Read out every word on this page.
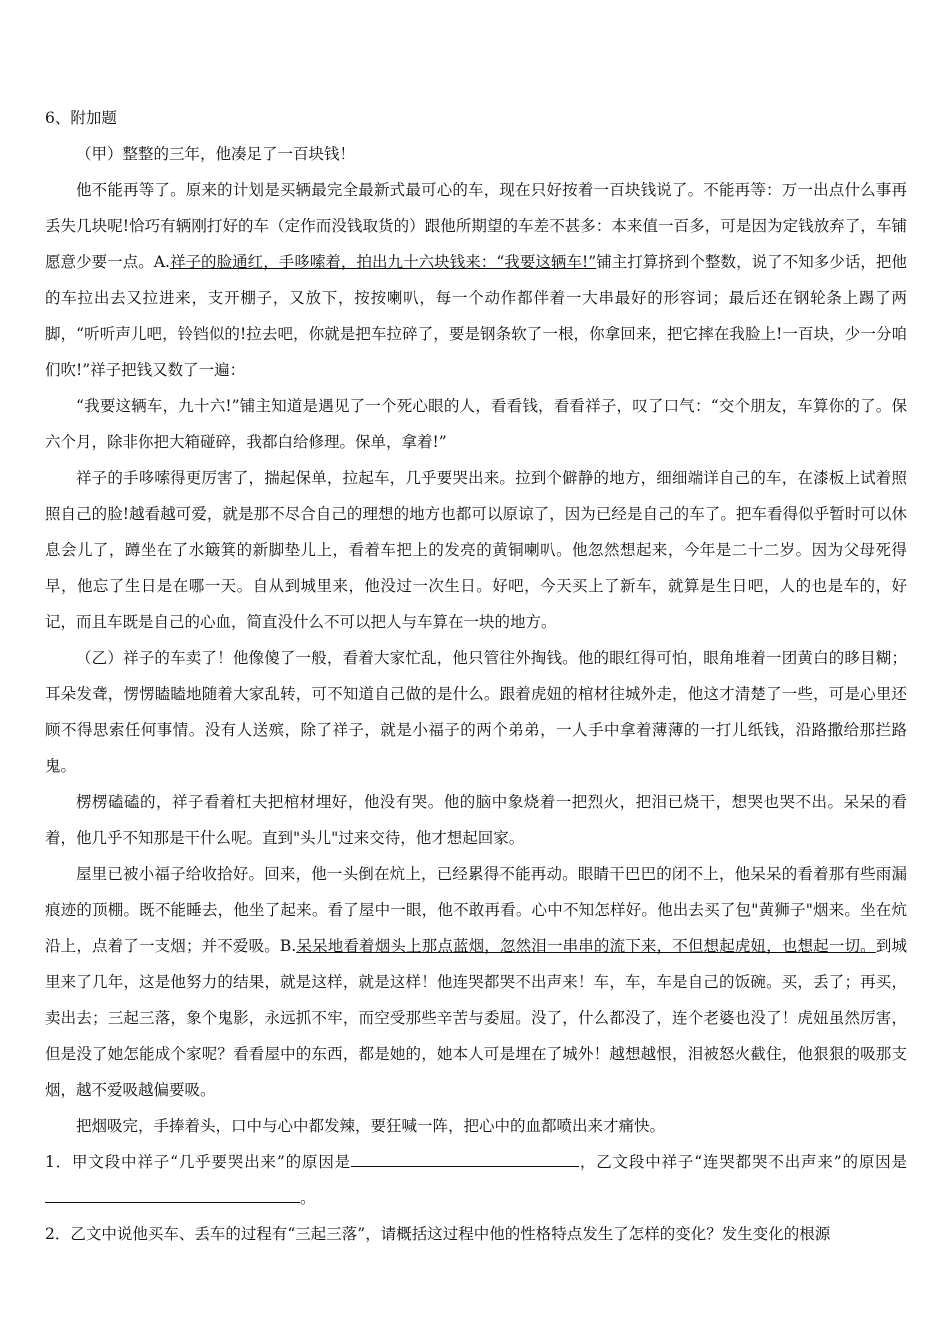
6、附加题

（甲）整整的三年，他凑足了一百块钱！

他不能再等了。原来的计划是买辆最完全最新式最可心的车，现在只好按着一百块钱说了。不能再等：万一出点什么事再丢失几块呢!恰巧有辆刚打好的车（定作而没钱取货的）跟他所期望的车差不甚多：本来值一百多，可是因为定钱放弃了，车铺愿意少要一点。A.祥子的脸通红，手哆嗦着，拍出九十六块钱来：“我要这辆车!”铺主打算挤到个整数，说了不知多少话，把他的车拉出去又拉进来，支开棚子，又放下，按按喇叭，每一个动作都伴着一大串最好的形容词；最后还在钢轮条上踢了两脚，“听听声儿吧，铃铛似的!拉去吧，你就是把车拉碎了，要是钢条软了一根，你拿回来，把它摔在我脸上!一百块，少一分咱们吹!”祥子把钱又数了一遍：

“我要这辆车，九十六!”铺主知道是遇见了一个死心眼的人，看看钱，看看祥子，叹了口气：“交个朋友，车算你的了。保六个月，除非你把大箱碰碎，我都白给修理。保单，拿着!”

祥子的手哆嗦得更厉害了，揣起保单，拉起车，几乎要哭出来。拉到个僻静的地方，细细端详自己的车，在漆板上试着照照自己的脸!越看越可爱，就是那不尽合自己的理想的地方也都可以原谅了，因为已经是自己的车了。把车看得似乎暂时可以休息会儿了，蹲坐在了水簸箕的新脚垫儿上，看着车把上的发亮的黄铜喇叭。他忽然想起来，今年是二十二岁。因为父母死得早，他忘了生日是在哪一天。自从到城里来，他没过一次生日。好吧，今天买上了新车，就算是生日吧，人的也是车的，好记，而且车既是自己的心血，简直没什么不可以把人与车算在一块的地方。

（乙）祥子的车卖了！他像傻了一般，看着大家忙乱，他只管往外掏钱。他的眼红得可怕，眼角堆着一团黄白的眵目糊；耳朵发聋，愣愣瞌瞌地随着大家乱转，可不知道自己做的是什么。跟着虎妞的棺材往城外走，他这才清楚了一些，可是心里还顾不得思索任何事情。没有人送殡，除了祥子，就是小福子的两个弟弟，一人手中拿着薄薄的一打儿纸钱，沿路撒给那拦路鬼。

楞楞磕磕的，祥子看着杠夫把棺材埋好，他没有哭。他的脑中象烧着一把烈火，把泪已烧干，想哭也哭不出。呆呆的看着，他几乎不知那是干什么呢。直到"头儿"过来交待，他才想起回家。

屋里已被小福子给收拾好。回来，他一头倒在炕上，已经累得不能再动。眼睛干巴巴的闭不上，他呆呆的看着那有些雨漏痕迹的顶棚。既不能睡去，他坐了起来。看了屋中一眼，他不敢再看。心中不知怎样好。他出去买了包"黄狮子"烟来。坐在炕沿上，点着了一支烟；并不爱吸。B.呆呆地看着烟头上那点蓝烟，忽然泪一串串的流下来，不但想起虎妞，也想起一切。到城里来了几年，这是他努力的结果，就是这样，就是这样！他连哭都哭不出声来！车，车，车是自己的饭碗。买，丢了；再买，卖出去；三起三落，象个鬼影，永远抓不牢，而空受那些辛苦与委屈。没了，什么都没了，连个老婆也没了！虎妞虽然厉害，但是没了她怎能成个家呢？看看屋中的东西，都是她的，她本人可是埋在了城外！越想越恨，泪被怒火截住，他狠狠的吸那支烟，越不爱吸越偏要吸。

把烟吸完，手捧着头，口中与心中都发辣，要狂喊一阵，把心中的血都喷出来才痛快。

1．甲文段中祥子“几乎要哭出来”的原因是	，乙文段中祥子“连哭都哭不出声来”的原因是。

2．乙文中说他买车、丢车的过程有“三起三落”，请概括这过程中他的性格特点发生了怎样的变化？发生变化的根源
